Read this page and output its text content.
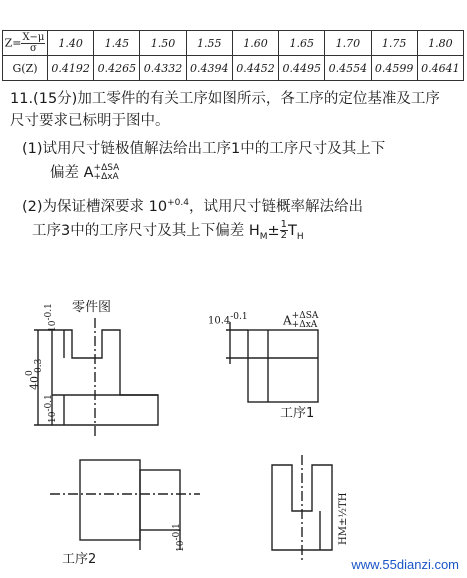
$Z= \frac{X-\mu}{\sigma}$	1.40	1.45	1.50	1.55	1.60	1.65	1.70	1.75	1.80
G(Z)	0.4192	0.4265	0.4332	0.4394	0.4452	0.4495	0.4554	0.4599	0.4641
11.(15分)加工零件的有关工序如图所示，各工序的定位基准及工序
尺寸要求已标明于图中。
(1)试用尺寸链极值解法给出工序1中的工序尺寸及其上下
偏差 A +ΔSA
+ΔxA
(2)为保证槽深要求 $10^{+0.4}$，试用尺寸链概率解法给出
工序3中的工序尺寸及其上下偏差 $H_M\pm \frac{1}{2} T_H$
零件图
$10^{-0.1}$
40
0 -0.3
$10^{-0.1}$
$10.4^{-0.1}$	A +ΔSA
+ΔxA
工序1
工序2
$10^{-0.1}$	HM±½TH
www.55dianzi.com
